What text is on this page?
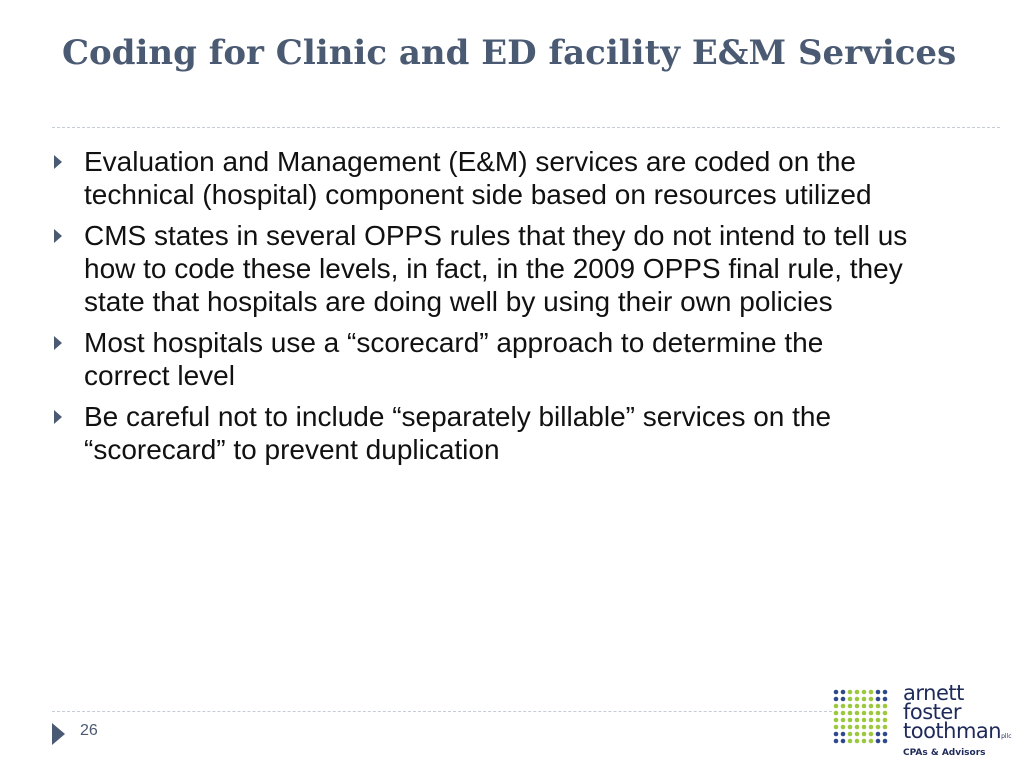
Coding for Clinic and ED facility E&M Services
Evaluation and Management (E&M) services are coded on the technical (hospital) component side based on resources utilized
CMS states in several OPPS rules that they do not intend to tell us how to code these levels, in fact, in the 2009 OPPS final rule, they state that hospitals are doing well by using their own policies
Most hospitals use a “scorecard” approach to determine the correct level
Be careful not to include “separately billable” services on the “scorecard” to prevent duplication
26
arnett
foster
toothmanpllc
CPAs & Advisors
